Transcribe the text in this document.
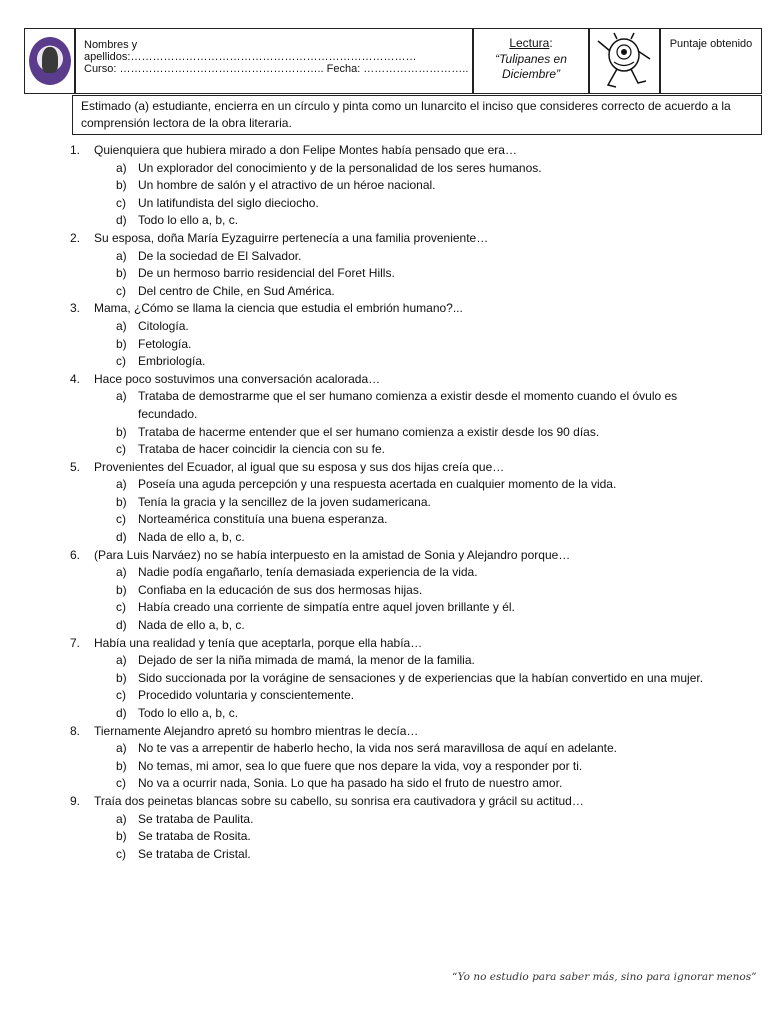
Nombres y apellidos:……………………………………………………………………
Curso: ……………………………………………….. Fecha: ………………………..
Lectura:
“Tulipanes en Diciembre”
Puntaje obtenido
Estimado (a) estudiante, encierra en un círculo y pinta como un lunarcito el inciso que consideres correcto de acuerdo a la comprensión lectora de la obra literaria.
1. Quienquiera que hubiera mirado a don Felipe Montes había pensado que era…
a) Un explorador del conocimiento y de la personalidad de los seres humanos.
b) Un hombre de salón y el atractivo de un héroe nacional.
c) Un latifundista del siglo dieciocho.
d) Todo lo ello a, b, c.
2. Su esposa, doña María Eyzaguirre pertenecía a una familia proveniente…
a) De la sociedad de El Salvador.
b) De un hermoso barrio residencial del Foret Hills.
c) Del centro de Chile, en Sud América.
3. Mama, ¿Cómo se llama la ciencia que estudia el embrión humano?...
a) Citología.
b) Fetología.
c) Embriología.
4. Hace poco sostuvimos una conversación acalorada…
a) Trataba de demostrarme que el ser humano comienza a existir desde el momento cuando el óvulo es fecundado.
b) Trataba de hacerme entender que el ser humano comienza a existir desde los 90 días.
c) Trataba de hacer coincidir la ciencia con su fe.
5. Provenientes del Ecuador, al igual que su esposa y sus dos hijas creía que…
a) Poseía una aguda percepción y una respuesta acertada en cualquier momento de la vida.
b) Tenía la gracia y la sencillez de la joven sudamericana.
c) Norteamérica constituía una buena esperanza.
d) Nada de ello a, b, c.
6. (Para Luis Narváez) no se había interpuesto en la amistad de Sonia y Alejandro porque…
a) Nadie podía engañarlo, tenía demasiada experiencia de la vida.
b) Confiaba en la educación de sus dos hermosas hijas.
c) Había creado una corriente de simpatía entre aquel joven brillante y él.
d) Nada de ello a, b, c.
7. Había una realidad y tenía que aceptarla, porque ella había…
a) Dejado de ser la niña mimada de mamá, la menor de la familia.
b) Sido succionada por la vorágine de sensaciones y de experiencias que la habían convertido en una mujer.
c) Procedido voluntaria y conscientemente.
d) Todo lo ello a, b, c.
8. Tiernamente Alejandro apretó su hombro mientras le decía…
a) No te vas a arrepentir de haberlo hecho, la vida nos será maravillosa de aquí en adelante.
b) No temas, mi amor, sea lo que fuere que nos depare la vida, voy a responder por ti.
c) No va a ocurrir nada, Sonia. Lo que ha pasado ha sido el fruto de nuestro amor.
9. Traía dos peinetas blancas sobre su cabello, su sonrisa era cautivadora y grácil su actitud…
a) Se trataba de Paulita.
b) Se trataba de Rosita.
c) Se trataba de Cristal.
“Yo no estudio para saber más, sino para ignorar menos”
